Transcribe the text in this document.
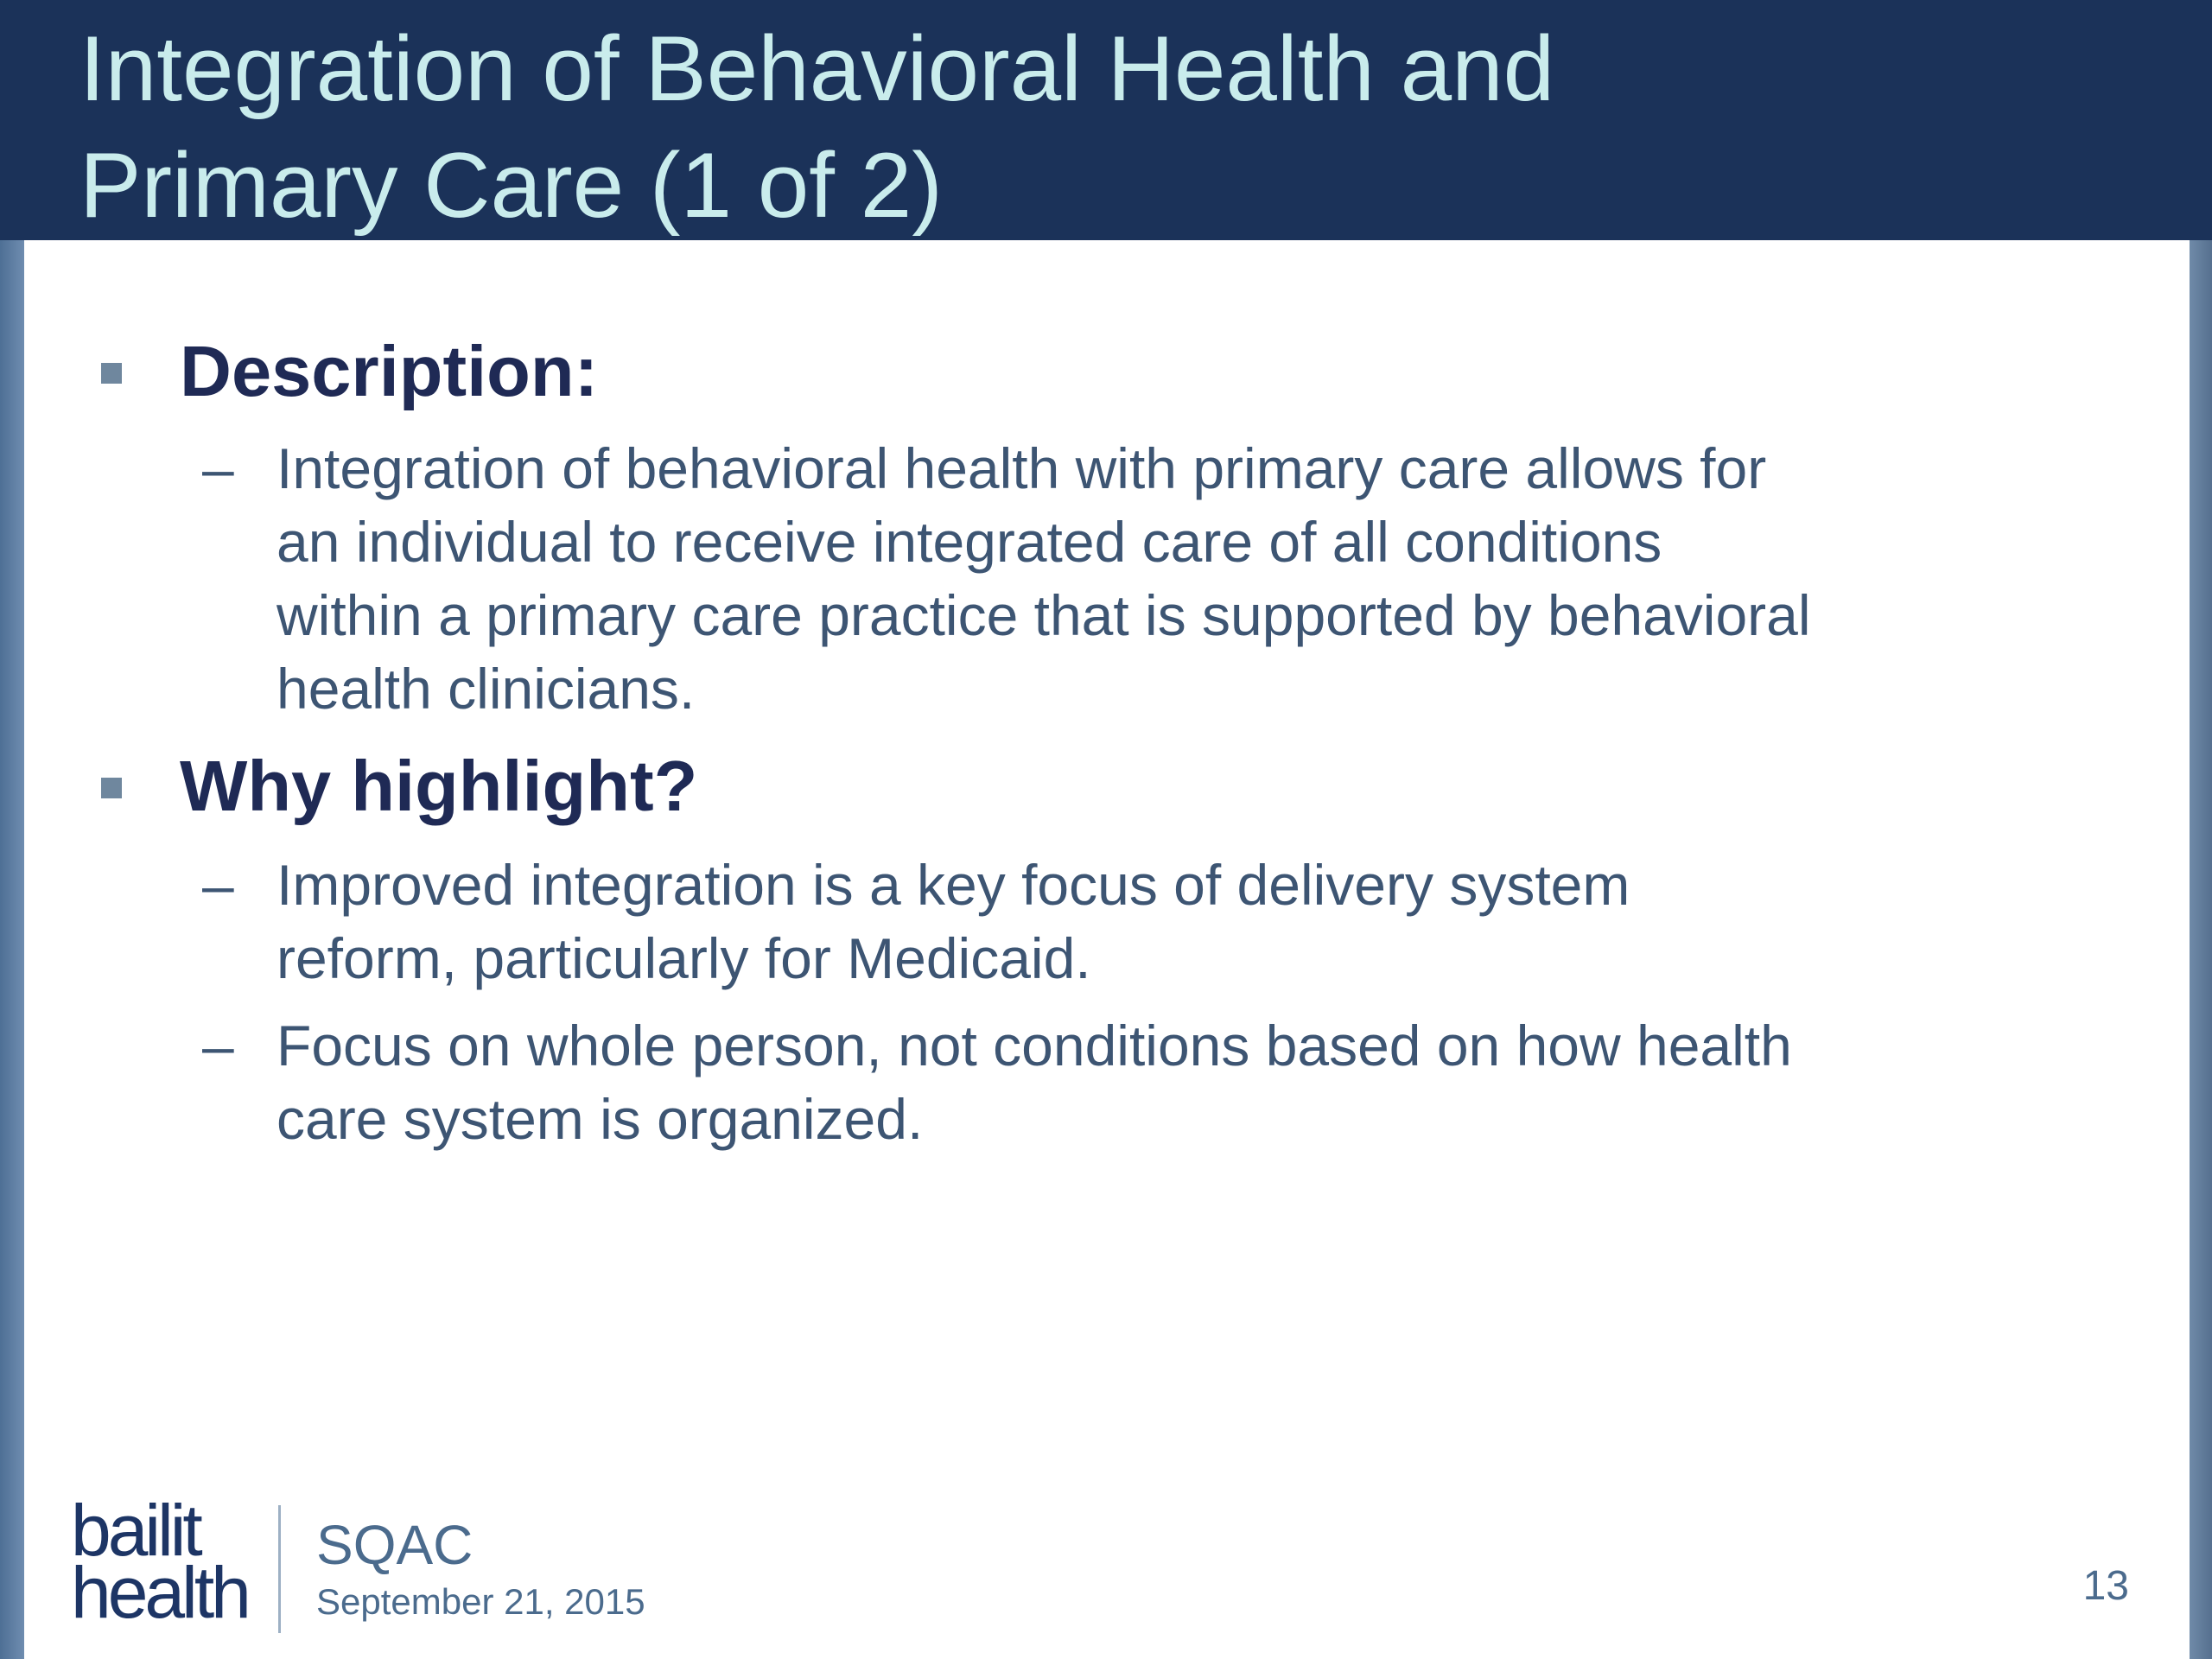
Integration of Behavioral Health and
Primary Care (1 of 2)
Description:
– Integration of behavioral health with primary care allows for
an individual to receive integrated care of all conditions
within a primary care practice that is supported by behavioral
health clinicians.
Why highlight?
– Improved integration is a key focus of delivery system
reform, particularly for Medicaid.
– Focus on whole person, not conditions based on how health
care system is organized.
bailit
health
SQAC
September 21, 2015	13
